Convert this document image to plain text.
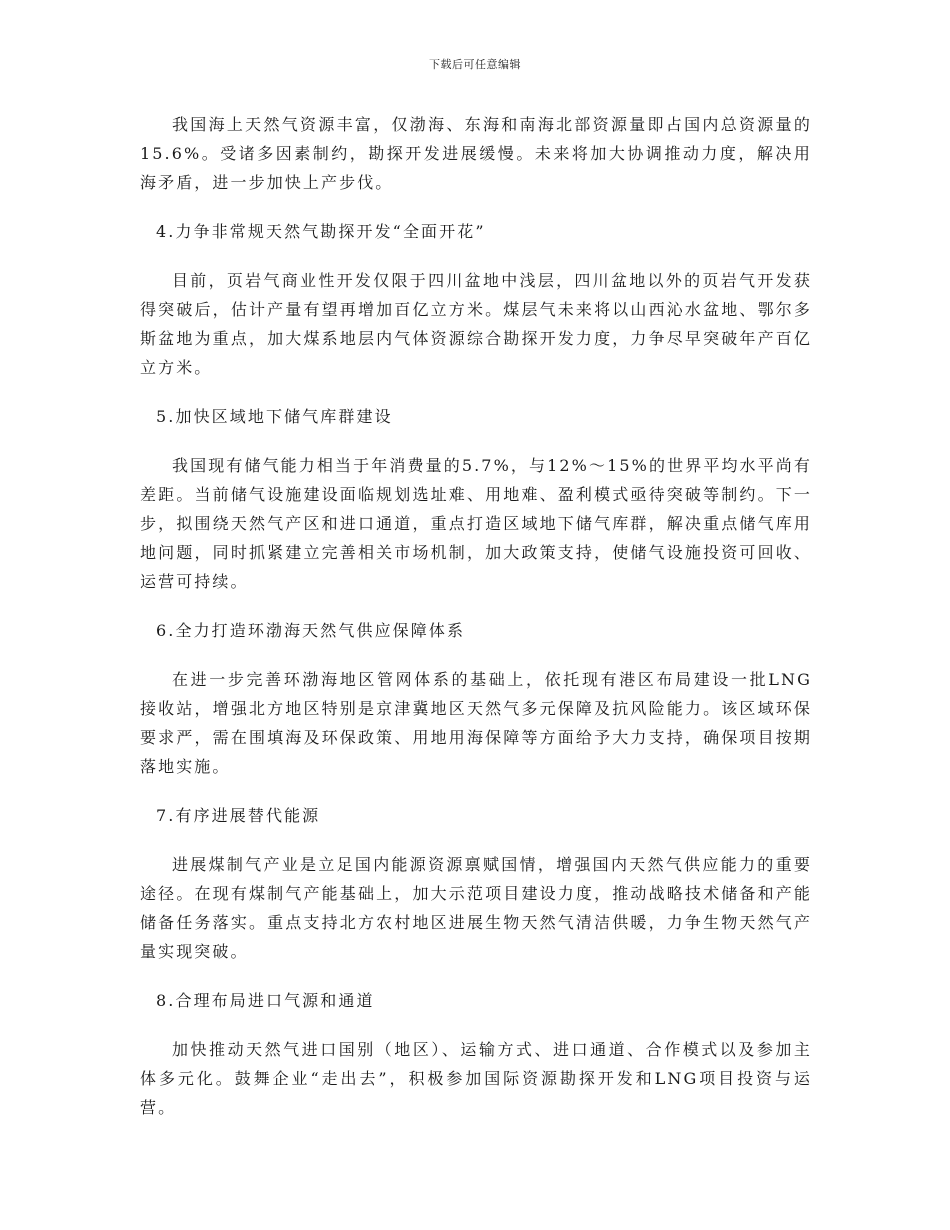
下载后可任意编辑

我国海上天然气资源丰富，仅渤海、东海和南海北部资源量即占国内总资源量的15.6%。受诸多因素制约，勘探开发进展缓慢。未来将加大协调推动力度，解决用海矛盾，进一步加快上产步伐。

4.力争非常规天然气勘探开发“全面开花”

目前，页岩气商业性开发仅限于四川盆地中浅层，四川盆地以外的页岩气开发获得突破后，估计产量有望再增加百亿立方米。煤层气未来将以山西沁水盆地、鄂尔多斯盆地为重点，加大煤系地层内气体资源综合勘探开发力度，力争尽早突破年产百亿立方米。

5.加快区域地下储气库群建设

我国现有储气能力相当于年消费量的5.7%，与12%～15%的世界平均水平尚有差距。当前储气设施建设面临规划选址难、用地难、盈利模式亟待突破等制约。下一步，拟围绕天然气产区和进口通道，重点打造区域地下储气库群，解决重点储气库用地问题，同时抓紧建立完善相关市场机制，加大政策支持，使储气设施投资可回收、运营可持续。

6.全力打造环渤海天然气供应保障体系

在进一步完善环渤海地区管网体系的基础上，依托现有港区布局建设一批LNG接收站，增强北方地区特别是京津冀地区天然气多元保障及抗风险能力。该区域环保要求严，需在围填海及环保政策、用地用海保障等方面给予大力支持，确保项目按期落地实施。

7.有序进展替代能源

进展煤制气产业是立足国内能源资源禀赋国情，增强国内天然气供应能力的重要途径。在现有煤制气产能基础上，加大示范项目建设力度，推动战略技术储备和产能储备任务落实。重点支持北方农村地区进展生物天然气清洁供暖，力争生物天然气产量实现突破。

8.合理布局进口气源和通道

加快推动天然气进口国别（地区）、运输方式、进口通道、合作模式以及参加主体多元化。鼓舞企业“走出去”，积极参加国际资源勘探开发和LNG项目投资与运营。
